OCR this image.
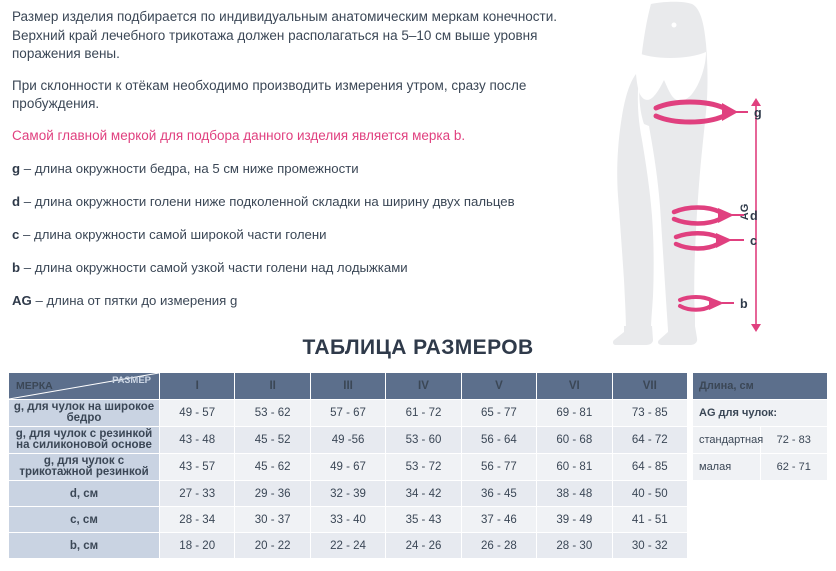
Размер изделия подбирается по индивидуальным анатомическим меркам конечности. Верхний край лечебного трикотажа должен располагаться на 5–10 см выше уровня поражения вены.
При склонности к отёкам необходимо производить измерения утром, сразу после пробуждения.
Самой главной меркой для подбора данного изделия является мерка b.
g – длина окружности бедра, на 5 см ниже промежности
d – длина окружности голени ниже подколенной складки на ширину двух пальцев
c – длина окружности самой широкой части голени
b – длина окружности самой узкой части голени над лодыжками
AG – длина от пятки до измерения g
AG
g
d
c
b
ТАБЛИЦА РАЗМЕРОВ
МЕРКА РАЗМЕР	I	II	III	IV	V	VI	VII
g, для чулок на широкое бедро	49 - 57	53 - 62	57 - 67	61 - 72	65 - 77	69 - 81	73 - 85
g, для чулок с резинкой на силиконовой основе	43 - 48	45 - 52	49 -56	53 - 60	56 - 64	60 - 68	64 - 72
g, для чулок с трикотажной резинкой	43 - 57	45 - 62	49 - 67	53 - 72	56 - 77	60 - 81	64 - 85
d, см	27 - 33	29 - 36	32 - 39	34 - 42	36 - 45	38 - 48	40 - 50
c, см	28 - 34	30 - 37	33 - 40	35 - 43	37 - 46	39 - 49	41 - 51
b, см	18 - 20	20 - 22	22 - 24	24 - 26	26 - 28	28 - 30	30 - 32
Длина, см	
AG для чулок:	
стандартная	72 - 83
малая	62 - 71
